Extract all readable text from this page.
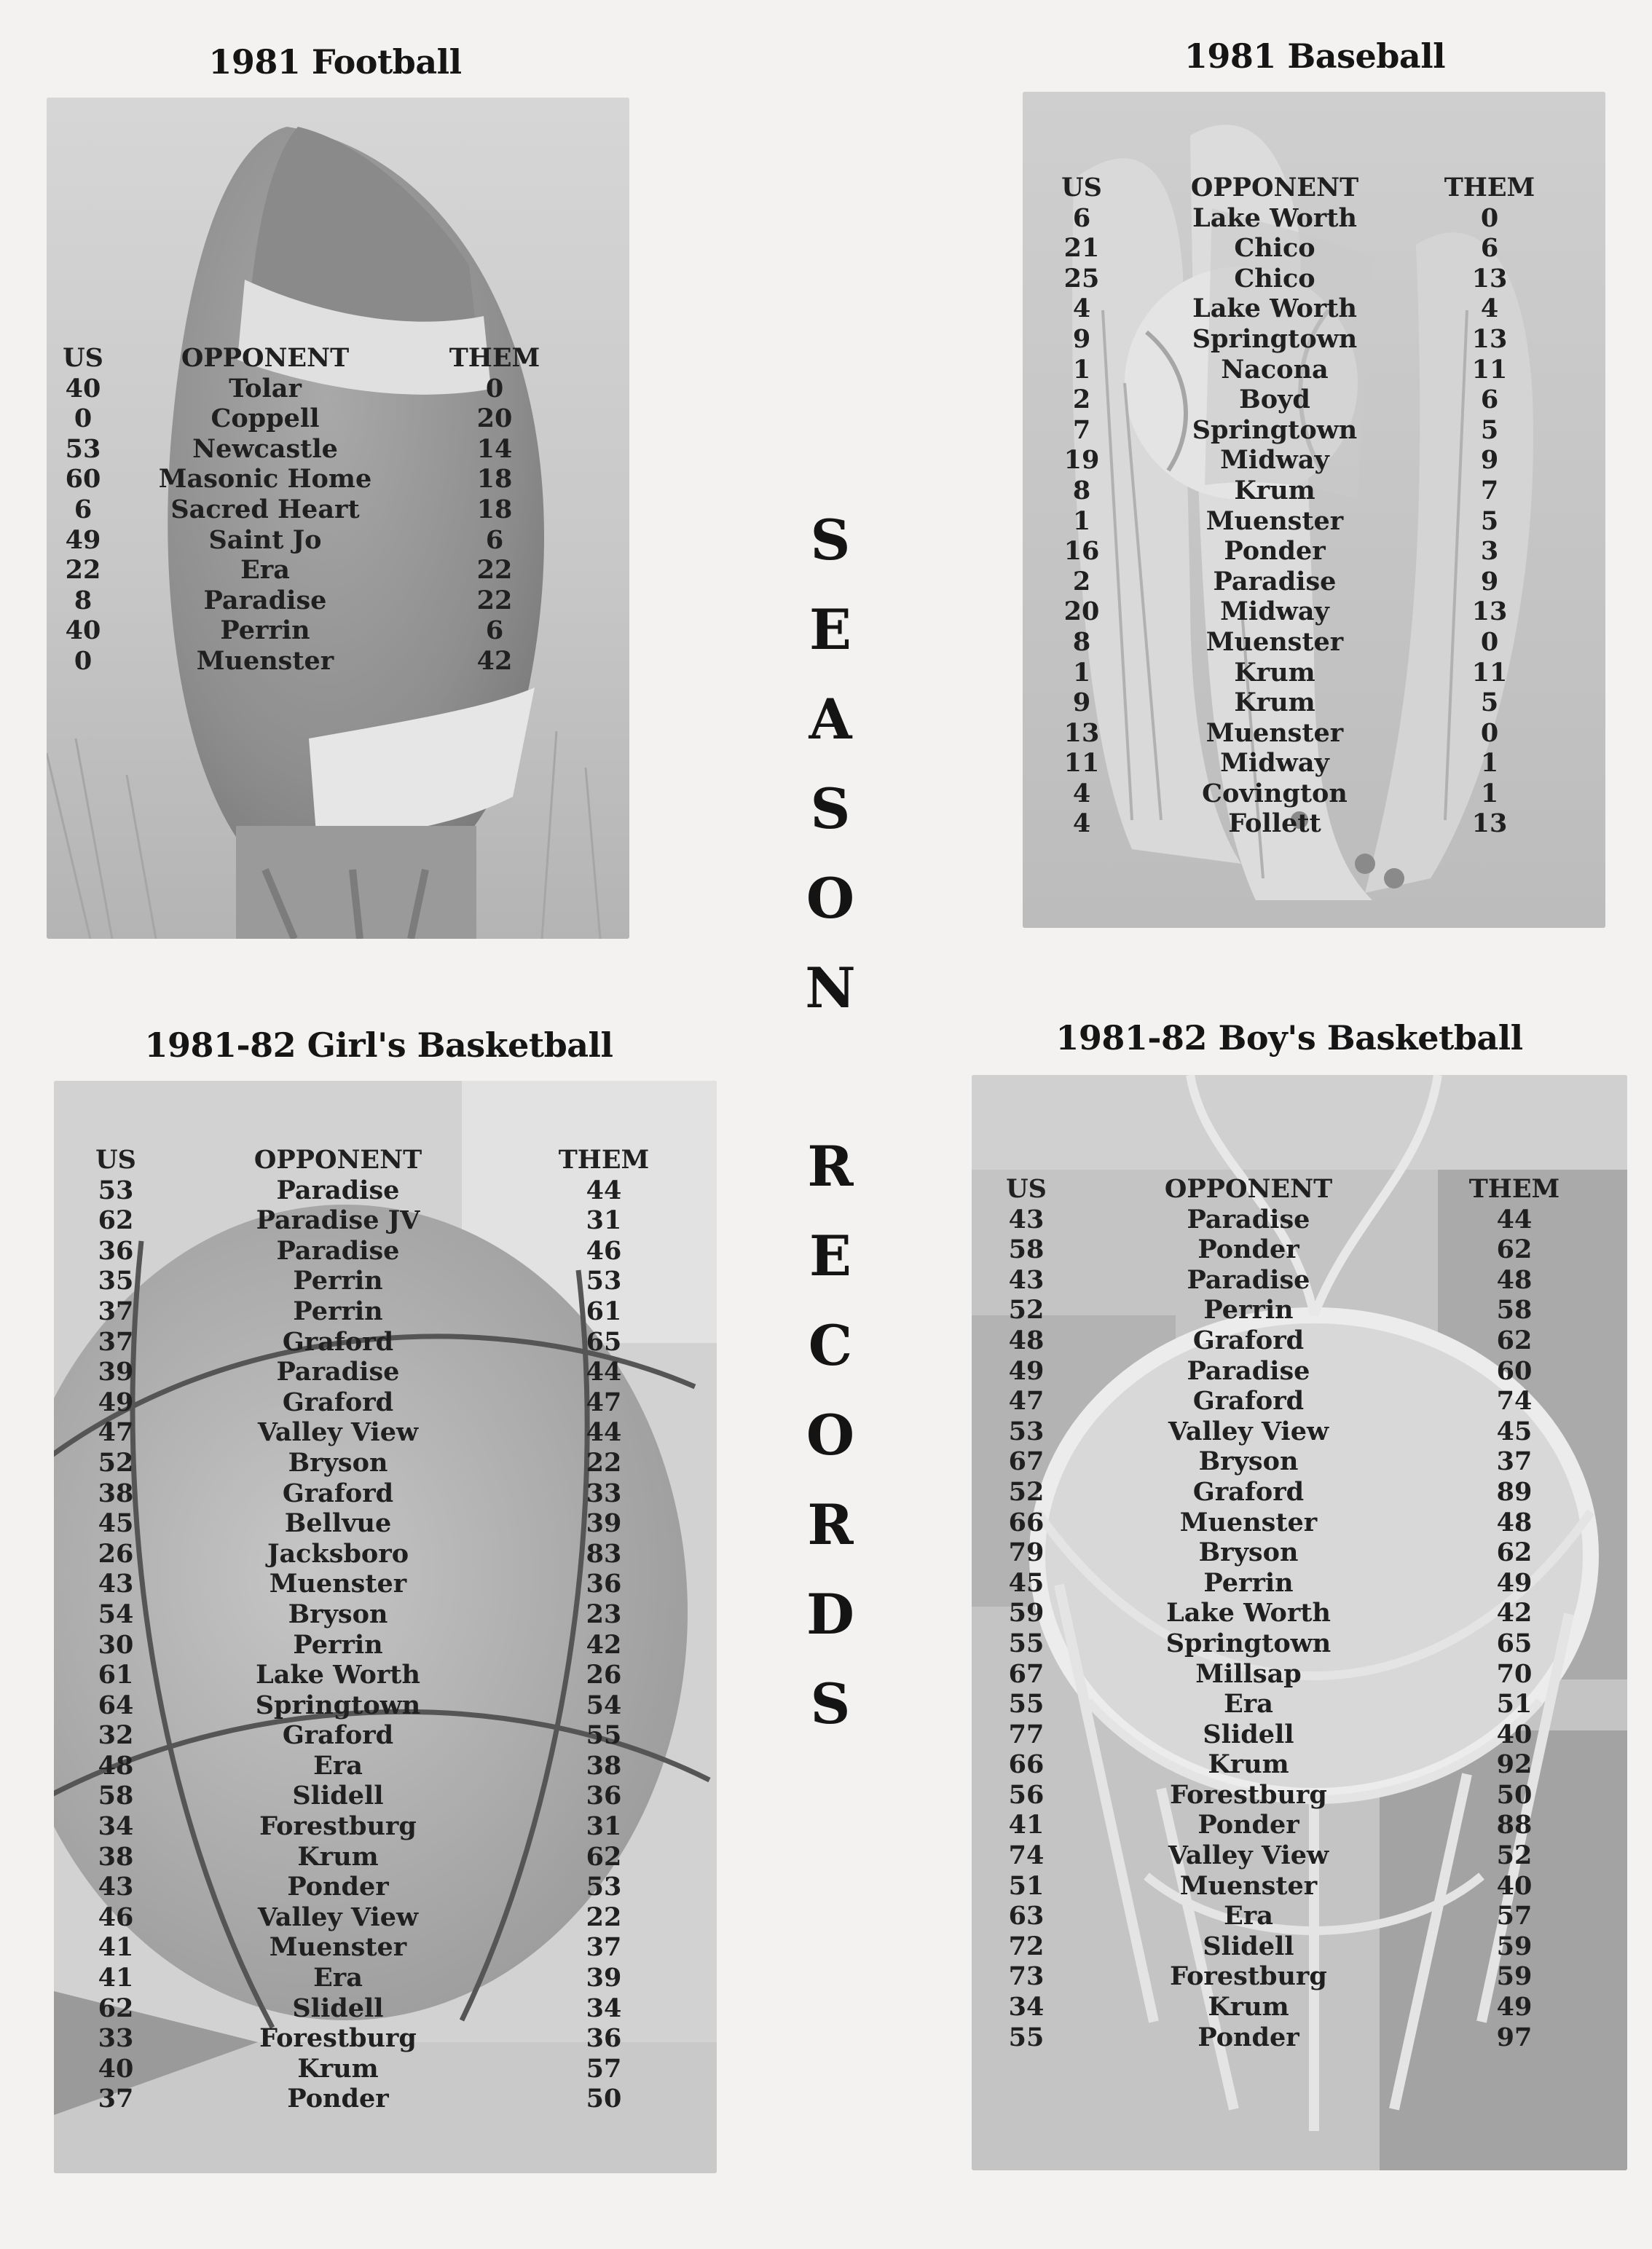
1981 Football
US	OPPONENT	THEM
40	Tolar	0
0	Coppell	20
53	Newcastle	14
60	Masonic Home	18
6	Sacred Heart	18
49	Saint Jo	6
22	Era	22
8	Paradise	22
40	Perrin	6
0	Muenster	42
1981 Baseball
US	OPPONENT	THEM
6	Lake Worth	0
21	Chico	6
25	Chico	13
4	Lake Worth	4
9	Springtown	13
1	Nacona	11
2	Boyd	6
7	Springtown	5
19	Midway	9
8	Krum	7
1	Muenster	5
16	Ponder	3
2	Paradise	9
20	Midway	13
8	Muenster	0
1	Krum	11
9	Krum	5
13	Muenster	0
11	Midway	1
4	Covington	1
4	Follett	13
S
E
A
S
O
N
R
E
C
O
R
D
S
1981-82 Girl's Basketball
US	OPPONENT	THEM
53	Paradise	44
62	Paradise JV	31
36	Paradise	46
35	Perrin	53
37	Perrin	61
37	Graford	65
39	Paradise	44
49	Graford	47
47	Valley View	44
52	Bryson	22
38	Graford	33
45	Bellvue	39
26	Jacksboro	83
43	Muenster	36
54	Bryson	23
30	Perrin	42
61	Lake Worth	26
64	Springtown	54
32	Graford	55
48	Era	38
58	Slidell	36
34	Forestburg	31
38	Krum	62
43	Ponder	53
46	Valley View	22
41	Muenster	37
41	Era	39
62	Slidell	34
33	Forestburg	36
40	Krum	57
37	Ponder	50
1981-82 Boy's Basketball
US	OPPONENT	THEM
43	Paradise	44
58	Ponder	62
43	Paradise	48
52	Perrin	58
48	Graford	62
49	Paradise	60
47	Graford	74
53	Valley View	45
67	Bryson	37
52	Graford	89
66	Muenster	48
79	Bryson	62
45	Perrin	49
59	Lake Worth	42
55	Springtown	65
67	Millsap	70
55	Era	51
77	Slidell	40
66	Krum	92
56	Forestburg	50
41	Ponder	88
74	Valley View	52
51	Muenster	40
63	Era	57
72	Slidell	59
73	Forestburg	59
34	Krum	49
55	Ponder	97
